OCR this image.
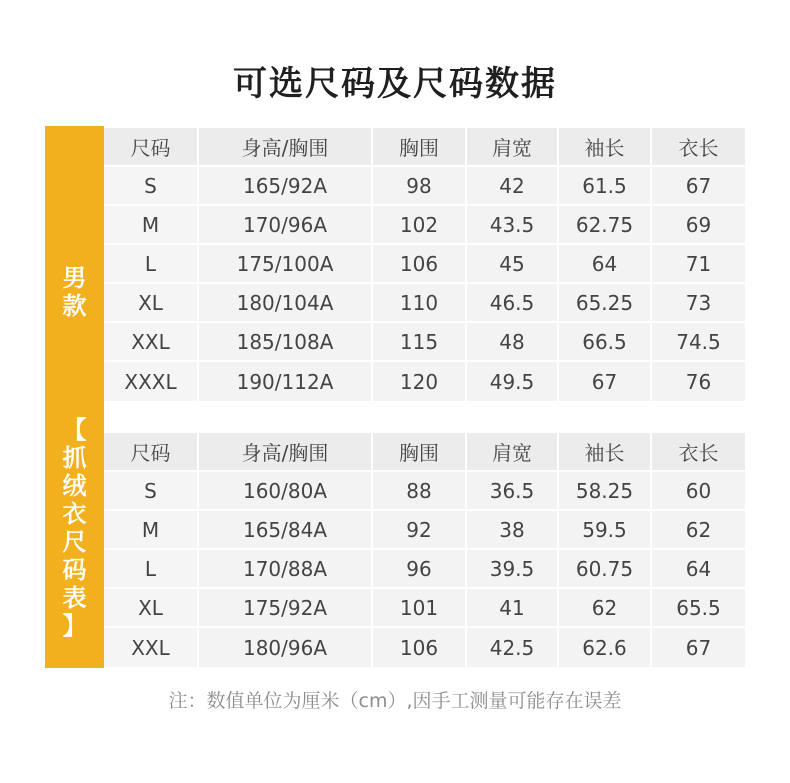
可选尺码及尺码数据
男
款
【
抓
绒
衣
尺
码
表
】
女
款
尺码	身高/胸围	胸围	肩宽	袖长	衣长
S	165/92A	98	42	61.5	67
M	170/96A	102	43.5	62.75	69
L	175/100A	106	45	64	71
XL	180/104A	110	46.5	65.25	73
XXL	185/108A	115	48	66.5	74.5
XXXL	190/112A	120	49.5	67	76
尺码	身高/胸围	胸围	肩宽	袖长	衣长
S	160/80A	88	36.5	58.25	60
M	165/84A	92	38	59.5	62
L	170/88A	96	39.5	60.75	64
XL	175/92A	101	41	62	65.5
XXL	180/96A	106	42.5	62.6	67
注：数值单位为厘米（cm）,因手工测量可能存在误差
